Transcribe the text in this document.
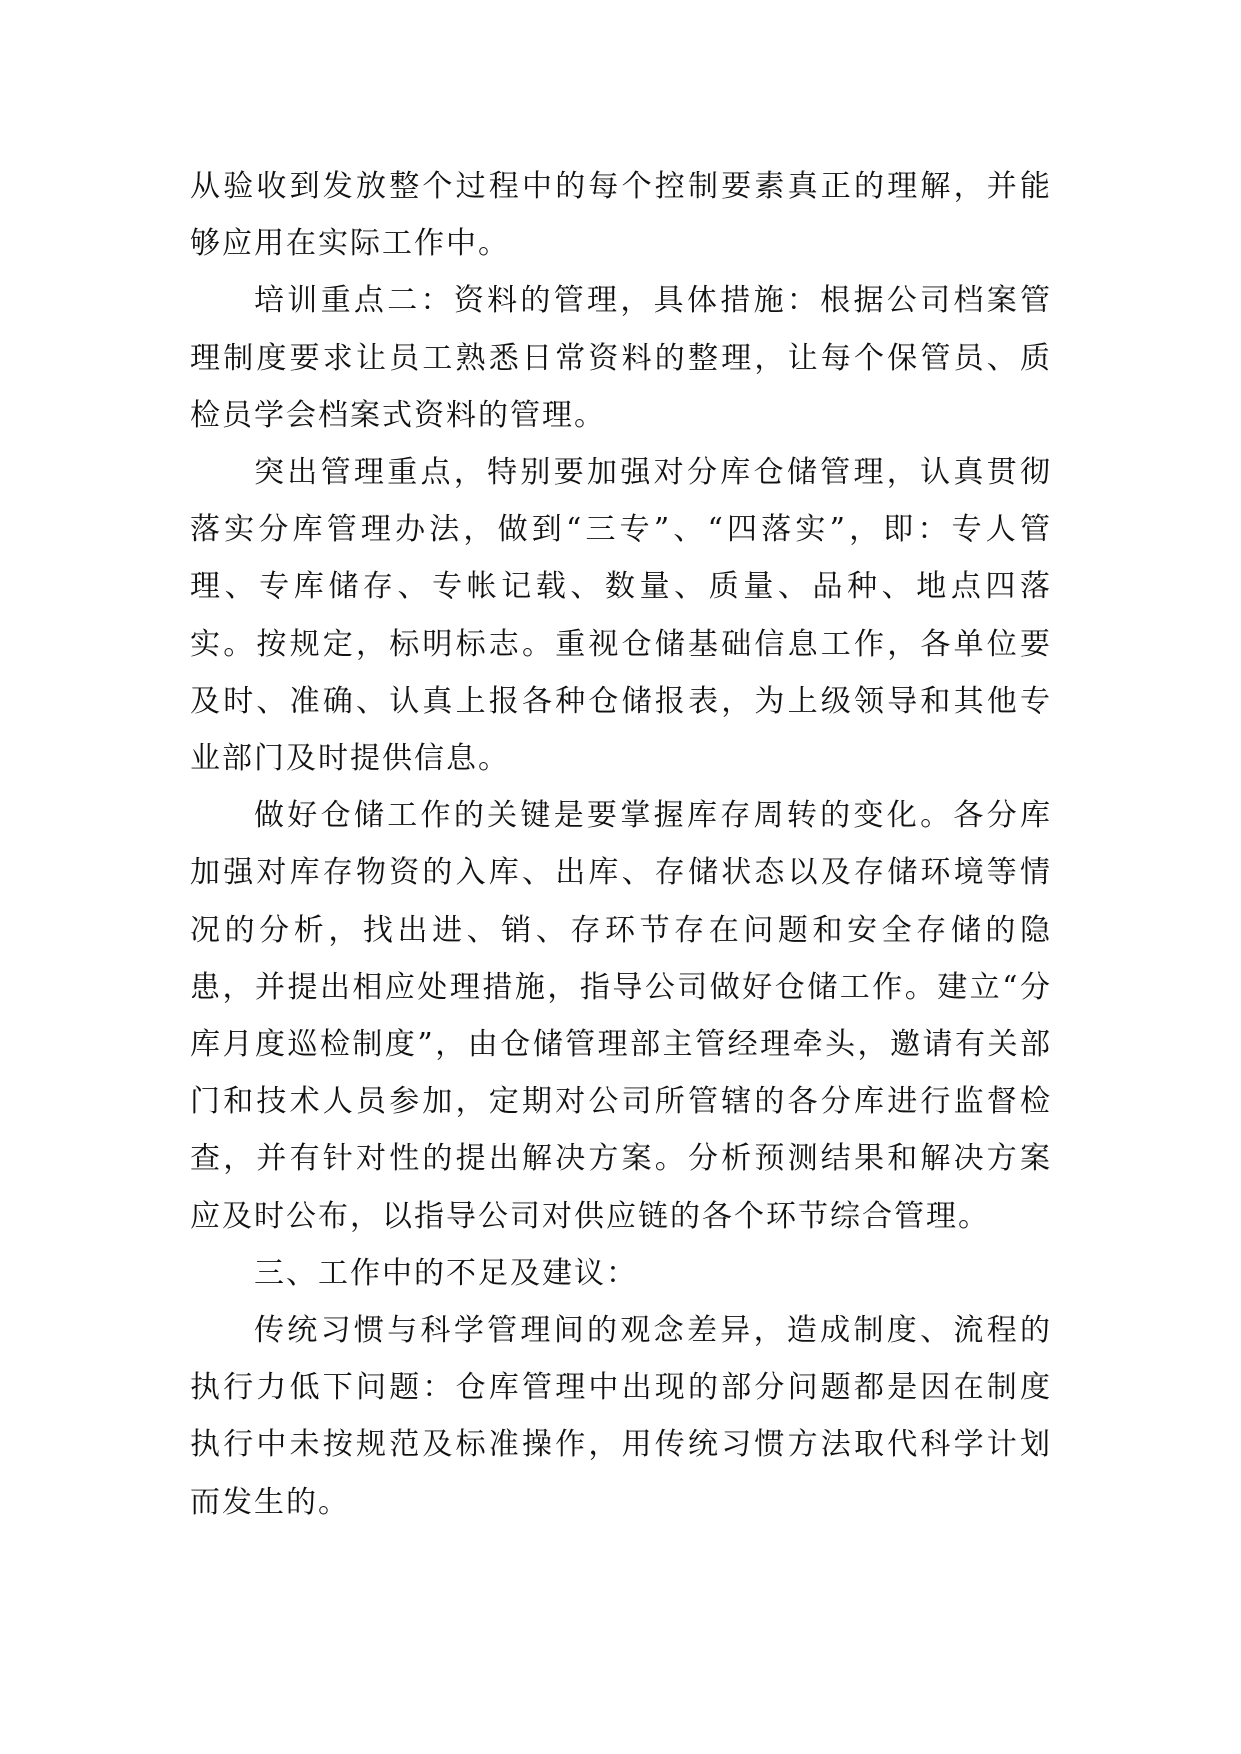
从验收到发放整个过程中的每个控制要素真正的理解，并能够应用在实际工作中。

培训重点二：资料的管理，具体措施：根据公司档案管理制度要求让员工熟悉日常资料的整理，让每个保管员、质检员学会档案式资料的管理。

突出管理重点，特别要加强对分库仓储管理，认真贯彻落实分库管理办法，做到“三专”、“四落实”，即：专人管理、专库储存、专帐记载、数量、质量、品种、地点四落实。按规定，标明标志。重视仓储基础信息工作，各单位要及时、准确、认真上报各种仓储报表，为上级领导和其他专业部门及时提供信息。

做好仓储工作的关键是要掌握库存周转的变化。各分库加强对库存物资的入库、出库、存储状态以及存储环境等情况的分析，找出进、销、存环节存在问题和安全存储的隐患，并提出相应处理措施，指导公司做好仓储工作。建立“分库月度巡检制度”，由仓储管理部主管经理牵头，邀请有关部门和技术人员参加，定期对公司所管辖的各分库进行监督检查，并有针对性的提出解决方案。分析预测结果和解决方案应及时公布，以指导公司对供应链的各个环节综合管理。

三、工作中的不足及建议：

传统习惯与科学管理间的观念差异，造成制度、流程的执行力低下问题：仓库管理中出现的部分问题都是因在制度执行中未按规范及标准操作，用传统习惯方法取代科学计划而发生的。
